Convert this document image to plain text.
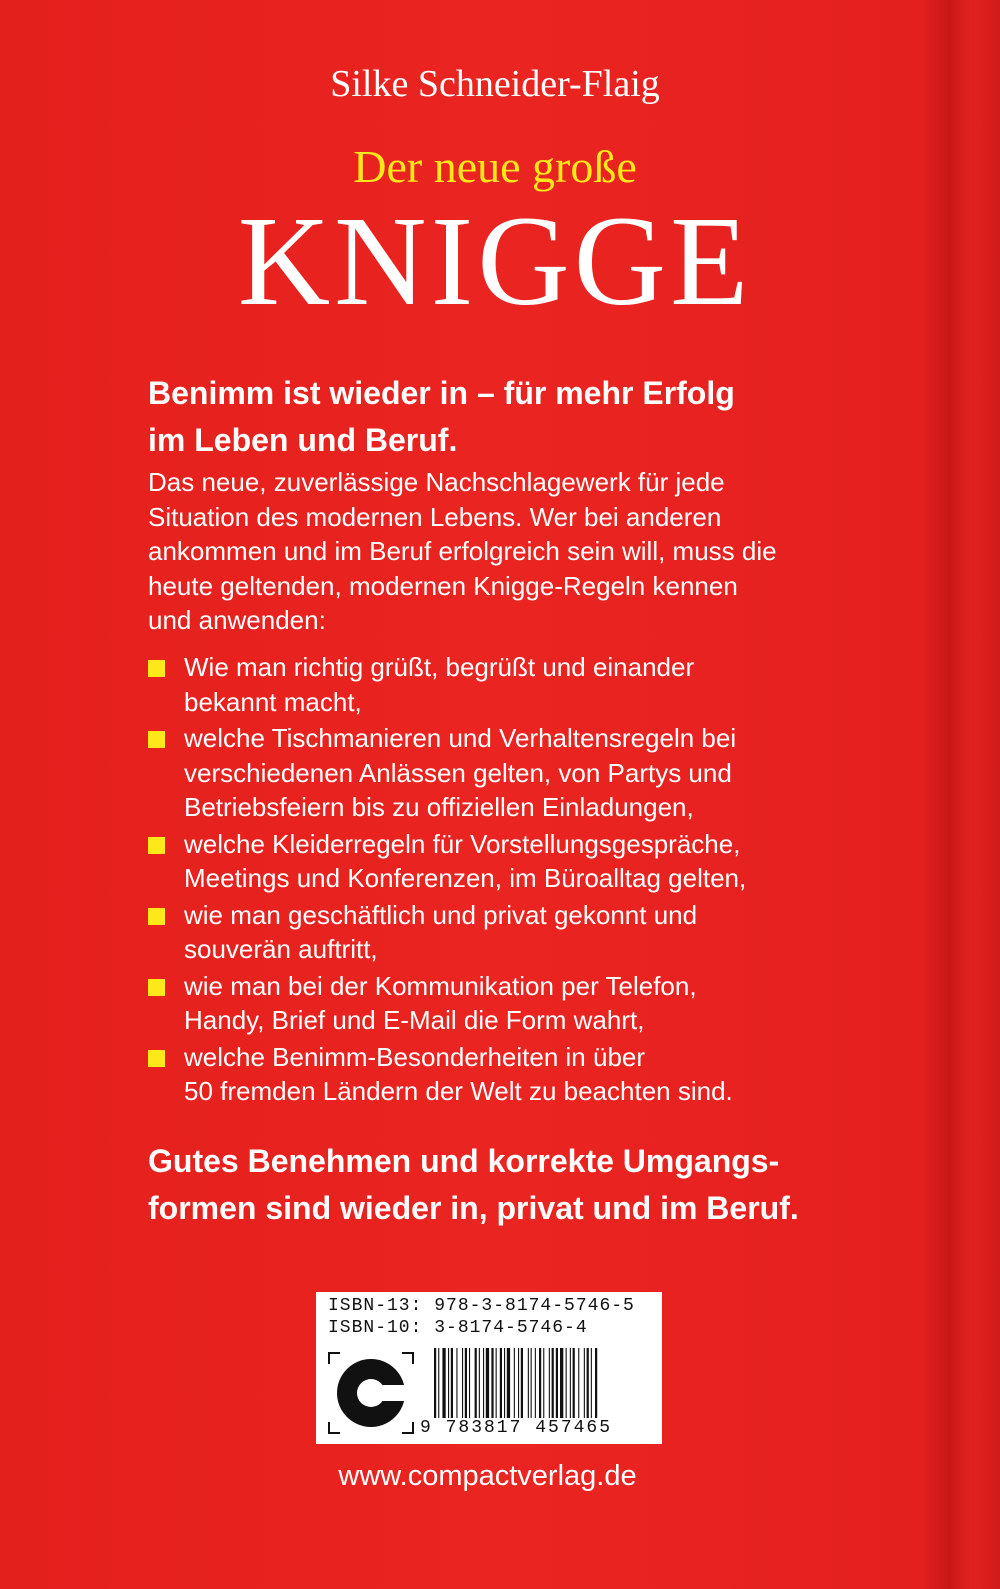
Silke Schneider-Flaig
Der neue große
KNIGGE
Benimm ist wieder in – für mehr Erfolg
im Leben und Beruf.
Das neue, zuverlässige Nachschlagewerk für jede
Situation des modernen Lebens. Wer bei anderen
ankommen und im Beruf erfolgreich sein will, muss die
heute geltenden, modernen Knigge-Regeln kennen
und anwenden:
Wie man richtig grüßt, begrüßt und einander
bekannt macht,
welche Tischmanieren und Verhaltensregeln bei
verschiedenen Anlässen gelten, von Partys und
Betriebsfeiern bis zu offiziellen Einladungen,
welche Kleiderregeln für Vorstellungsgespräche,
Meetings und Konferenzen, im Büroalltag gelten,
wie man geschäftlich und privat gekonnt und
souverän auftritt,
wie man bei der Kommunikation per Telefon,
Handy, Brief und E-Mail die Form wahrt,
welche Benimm-Besonderheiten in über
50 fremden Ländern der Welt zu beachten sind.
Gutes Benehmen und korrekte Umgangs-
formen sind wieder in, privat und im Beruf.
ISBN-13: 978-3-8174-5746-5
ISBN-10: 3-8174-5746-4
9 783817 457465
www.compactverlag.de
